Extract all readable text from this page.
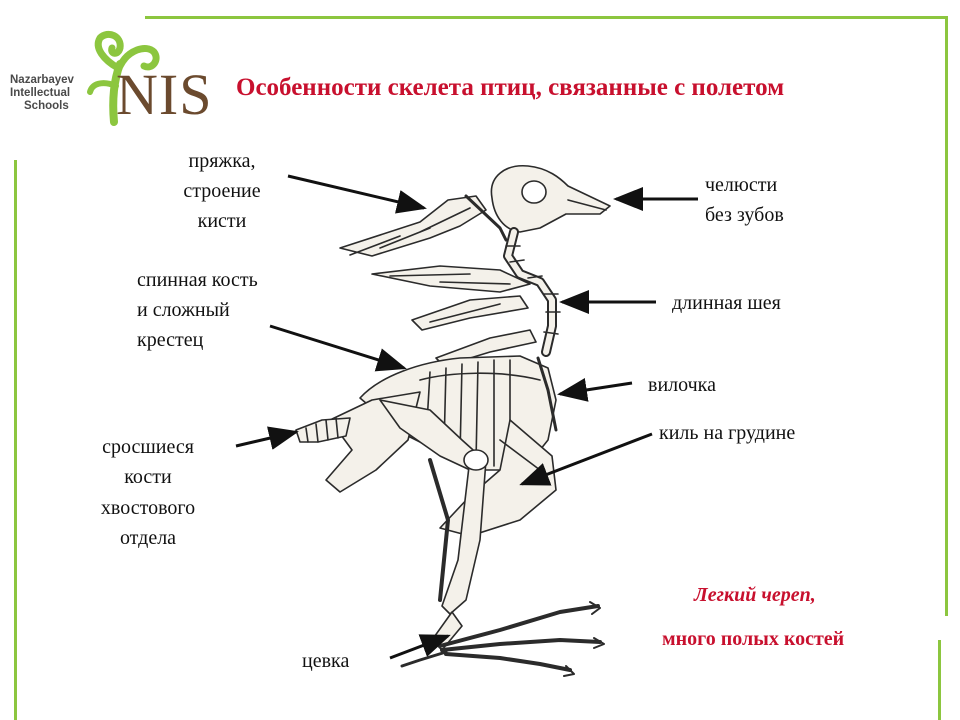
Nazarbayev
Intellectual
Schools NIS Особенности скелета птиц, связанные с полетом
пряжка,
строение
кисти
спинная кость
и сложный
крестец
сросшиеся
кости
хвостового
отдела
цевка
челюсти
без зубов
длинная шея
вилочка
киль на грудине
Легкий череп,
много полых костей
